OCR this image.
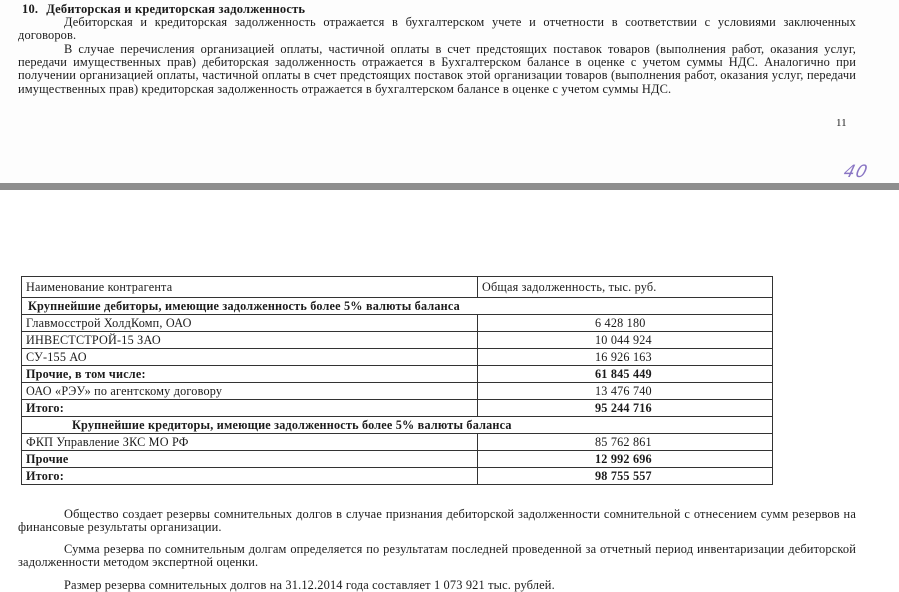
10. Дебиторская и кредиторская задолженность
Дебиторская и кредиторская задолженность отражается в бухгалтерском учете и отчетности в соответствии с условиями заключенных договоров.
В случае перечисления организацией оплаты, частичной оплаты в счет предстоящих поставок товаров (выполнения работ, оказания услуг, передачи имущественных прав) дебиторская задолженность отражается в Бухгалтерском балансе в оценке с учетом суммы НДС. Аналогично при получении организацией оплаты, частичной оплаты в счет предстоящих поставок этой организации товаров (выполнения работ, оказания услуг, передачи имущественных прав) кредиторская задолженность отражается в бухгалтерском балансе в оценке с учетом суммы НДС.
11
40
Наименование контрагента	Общая задолженность, тыс. руб.
Крупнейшие дебиторы, имеющие задолженность более 5% валюты баланса	
Главмосстрой ХолдКомп, ОАО	6 428 180
ИНВЕСТСТРОЙ-15 ЗАО	10 044 924
СУ-155 АО	16 926 163
Прочие, в том числе:	61 845 449
ОАО «РЭУ» по агентскому договору	13 476 740
Итого:	95 244 716
Крупнейшие кредиторы, имеющие задолженность более 5% валюты баланса	
ФКП Управление ЗКС МО РФ	85 762 861
Прочие	12 992 696
Итого:	98 755 557
Общество создает резервы сомнительных долгов в случае признания дебиторской задолженности сомнительной с отнесением сумм резервов на финансовые результаты организации.
Сумма резерва по сомнительным долгам определяется по результатам последней проведенной за отчетный период инвентаризации дебиторской задолженности методом экспертной оценки.
Размер резерва сомнительных долгов на 31.12.2014 года составляет 1 073 921 тыс. рублей.
